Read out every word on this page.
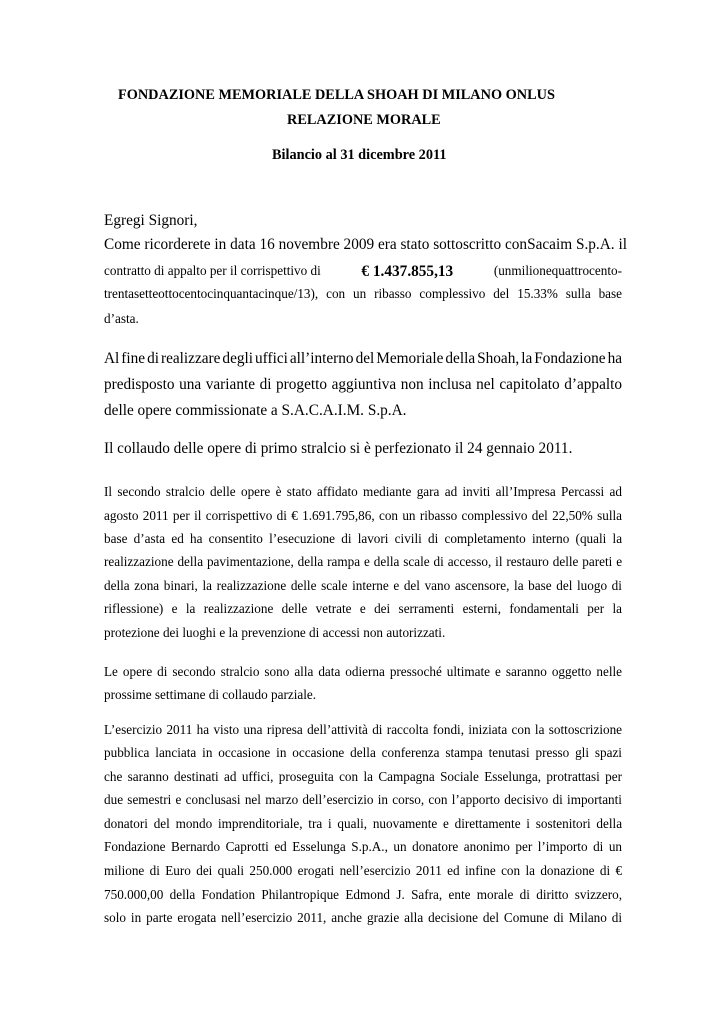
FONDAZIONE MEMORIALE DELLA SHOAH DI MILANO ONLUS
RELAZIONE MORALE
Bilancio al 31 dicembre 2011
Egregi Signori,
Come ricorderete in data 16 novembre 2009 era stato sottoscritto con Sacaim S.p.A. il
contratto di appalto per il corrispettivo di	€ 1.437.855,13	(unmilionequattrocento-
trentasetteottocentocinquantacinque/13), con un ribasso complessivo del 15.33% sulla base
d’asta.
Al fine di realizzare degli uffici all’interno del Memoriale della Shoah, la Fondazione ha
predisposto una variante di progetto aggiuntiva non inclusa nel capitolato d’appalto
delle opere commissionate a S.A.C.A.I.M. S.p.A.
Il collaudo delle opere di primo stralcio si è perfezionato il 24 gennaio 2011.
Il secondo stralcio delle opere è stato affidato mediante gara ad inviti all’Impresa Percassi ad
agosto 2011 per il corrispettivo di € 1.691.795,86, con un ribasso complessivo del 22,50% sulla
base d’asta ed ha consentito l’esecuzione di lavori civili di completamento interno (quali la
realizzazione della pavimentazione, della rampa e della scale di accesso, il restauro delle pareti e
della zona binari, la realizzazione delle scale interne e del vano ascensore, la base del luogo di
riflessione) e la realizzazione delle vetrate e dei serramenti esterni, fondamentali per la
protezione dei luoghi e la prevenzione di accessi non autorizzati.
Le opere di secondo stralcio sono alla data odierna pressoché ultimate e saranno oggetto nelle
prossime settimane di collaudo parziale.
L’esercizio 2011 ha visto una ripresa dell’attività di raccolta fondi, iniziata con la sottoscrizione
pubblica lanciata in occasione in occasione della conferenza stampa tenutasi presso gli spazi
che saranno destinati ad uffici, proseguita con la Campagna Sociale Esselunga, protrattasi per
due semestri e conclusasi nel marzo dell’esercizio in corso, con l’apporto decisivo di importanti
donatori del mondo imprenditoriale, tra i quali, nuovamente e direttamente i sostenitori della
Fondazione Bernardo Caprotti ed Esselunga S.p.A., un donatore anonimo per l’importo di un
milione di Euro dei quali 250.000 erogati nell’esercizio 2011 ed infine con la donazione di €
750.000,00 della Fondation Philantropique Edmond J. Safra, ente morale di diritto svizzero,
solo in parte erogata nell’esercizio 2011, anche grazie alla decisione del Comune di Milano di
